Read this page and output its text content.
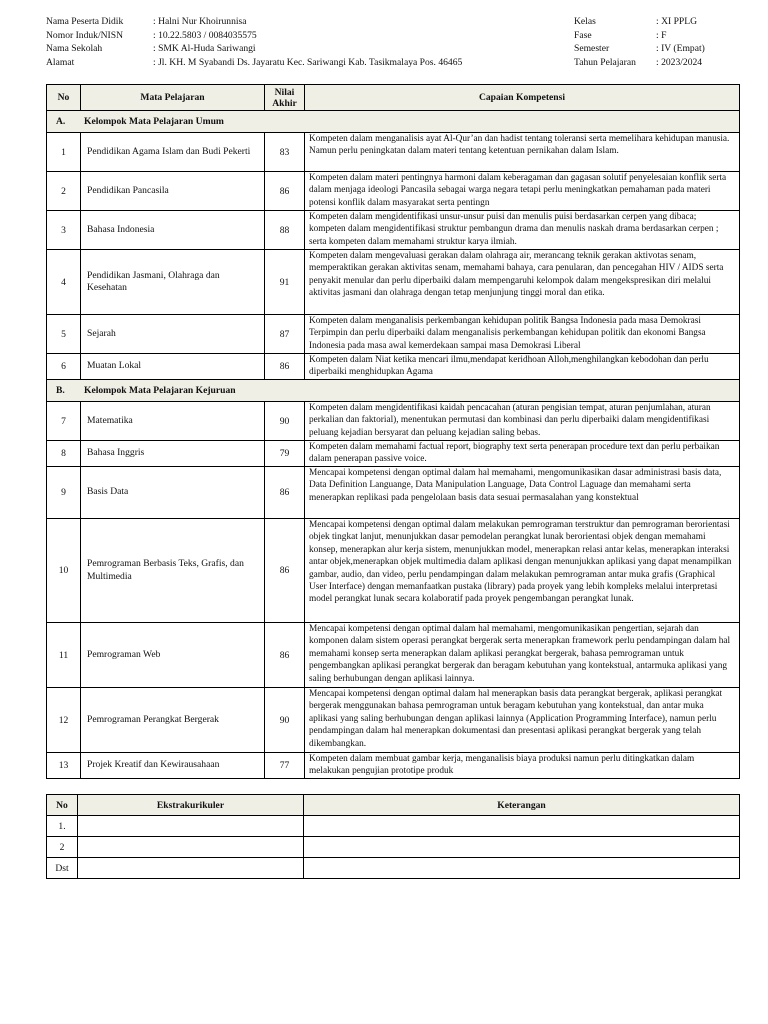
Nama Peserta Didik	: Halni Nur Khoirunnisa
Nomor Induk/NISN	: 10.22.5803 / 0084035575
Nama Sekolah	: SMK Al-Huda Sariwangi
Alamat	: Jl. KH. M Syabandi Ds. Jayaratu Kec. Sariwangi Kab. Tasikmalaya Pos. 46465
Kelas	: XI PPLG
Fase	: F
Semester	: IV (Empat)
Tahun Pelajaran : 2023/2024
No	Mata Pelajaran	Nilai Akhir	Capaian Kompetensi
A. Kelompok Mata Pelajaran Umum			
1	Pendidikan Agama Islam dan Budi Pekerti	83	Kompeten dalam menganalisis ayat Al-Qur’an dan hadist tentang toleransi serta memelihara kehidupan manusia. Namun perlu peningkatan dalam materi tentang ketentuan pernikahan dalam Islam.
2	Pendidikan Pancasila	86	Kompeten dalam materi pentingnya harmoni dalam keberagaman dan gagasan solutif penyelesaian konflik serta dalam menjaga ideologi Pancasila sebagai warga negara tetapi perlu meningkatkan pemahaman pada materi potensi konflik dalam masyarakat serta pentingn
3	Bahasa Indonesia	88	Kompeten dalam mengidentifikasi unsur-unsur puisi dan menulis puisi berdasarkan cerpen yang dibaca; kompeten dalam mengidentifikasi struktur pembangun drama dan menulis naskah drama berdasarkan cerpen ; serta kompeten dalam memahami struktur karya ilmiah.
4	Pendidikan Jasmani, Olahraga dan Kesehatan	91	Kompeten dalam mengevaluasi gerakan dalam olahraga air, merancang teknik gerakan aktivotas senam, memperaktikan gerakan aktivitas senam, memahami bahaya, cara penularan, dan pencegahan HIV / AIDS serta penyakit menular dan perlu diperbaiki dalam mempengaruhi kelompok dalam mengekspresikan diri melalui aktivitas jasmani dan olahraga dengan tetap menjunjung tinggi moral dan etika.
5	Sejarah	87	Kompeten dalam menganalisis perkembangan kehidupan politik Bangsa Indonesia pada masa Demokrasi Terpimpin dan perlu diperbaiki dalam menganalisis perkembangan kehidupan politik dan ekonomi Bangsa Indonesia pada masa awal kemerdekaan sampai masa Demokrasi Liberal
6	Muatan Lokal	86	Kompeten dalam Niat ketika mencari ilmu,mendapat keridhoan Alloh,menghilangkan kebodohan dan perlu diperbaiki menghidupkan Agama
B. Kelompok Mata Pelajaran Kejuruan			
7	Matematika	90	Kompeten dalam mengidentifikasi kaidah pencacahan (aturan pengisian tempat, aturan penjumlahan, aturan perkalian dan faktorial), menentukan permutasi dan kombinasi dan perlu diperbaiki dalam mengidentifikasi peluang kejadian bersyarat dan peluang kejadian saling bebas.
8	Bahasa Inggris	79	Kompeten dalam memahami factual report, biography text serta penerapan procedure text dan perlu perbaikan dalam penerapan passive voice.
9	Basis Data	86	Mencapai kompetensi dengan optimal dalam hal memahami, mengomunikasikan dasar administrasi basis data, Data Definition Languange, Data Manipulation Language, Data Control Laguage dan memahami serta menerapkan replikasi pada pengelolaan basis data sesuai permasalahan yang konstektual
10	Pemrograman Berbasis Teks, Grafis, dan Multimedia	86	Mencapai kompetensi dengan optimal dalam melakukan pemrograman terstruktur dan pemrograman berorientasi objek tingkat lanjut, menunjukkan dasar pemodelan perangkat lunak berorientasi objek dengan memahami konsep, menerapkan alur kerja sistem, menunjukkan model, menerapkan relasi antar kelas, menerapkan interaksi antar objek,menerapkan objek multimedia dalam aplikasi dengan menunjukkan aplikasi yang dapat menampilkan gambar, audio, dan video, perlu pendampingan dalam melakukan pemrograman antar muka grafis (Graphical User Interface) dengan memanfaatkan pustaka (library) pada proyek yang lebih kompleks melalui interpretasi model perangkat lunak secara kolaboratif pada proyek pengembangan perangkat lunak.
11	Pemrograman Web	86	Mencapai kompetensi dengan optimal dalam hal memahami, mengomunikasikan pengertian, sejarah dan komponen dalam sistem operasi perangkat bergerak serta menerapkan framework perlu pendampingan dalam hal memahami konsep serta menerapkan dalam aplikasi perangkat bergerak, bahasa pemrograman untuk pengembangkan aplikasi perangkat bergerak dan beragam kebutuhan yang kontekstual, antarmuka aplikasi yang saling berhubungan dengan aplikasi lainnya.
12	Pemrograman Perangkat Bergerak	90	Mencapai kompetensi dengan optimal dalam hal menerapkan basis data perangkat bergerak, aplikasi perangkat bergerak menggunakan bahasa pemrograman untuk beragam kebutuhan yang kontekstual, dan antar muka aplikasi yang saling berhubungan dengan aplikasi lainnya (Application Programming Interface), namun perlu pendampingan dalam hal menerapkan dokumentasi dan presentasi aplikasi perangkat bergerak yang telah dikembangkan.
13	Projek Kreatif dan Kewirausahaan	77	Kompeten dalam membuat gambar kerja, menganalisis biaya produksi namun perlu ditingkatkan dalam melakukan pengujian prototipe produk
No	Ekstrakurikuler	Keterangan
1.		
2		
Dst		
